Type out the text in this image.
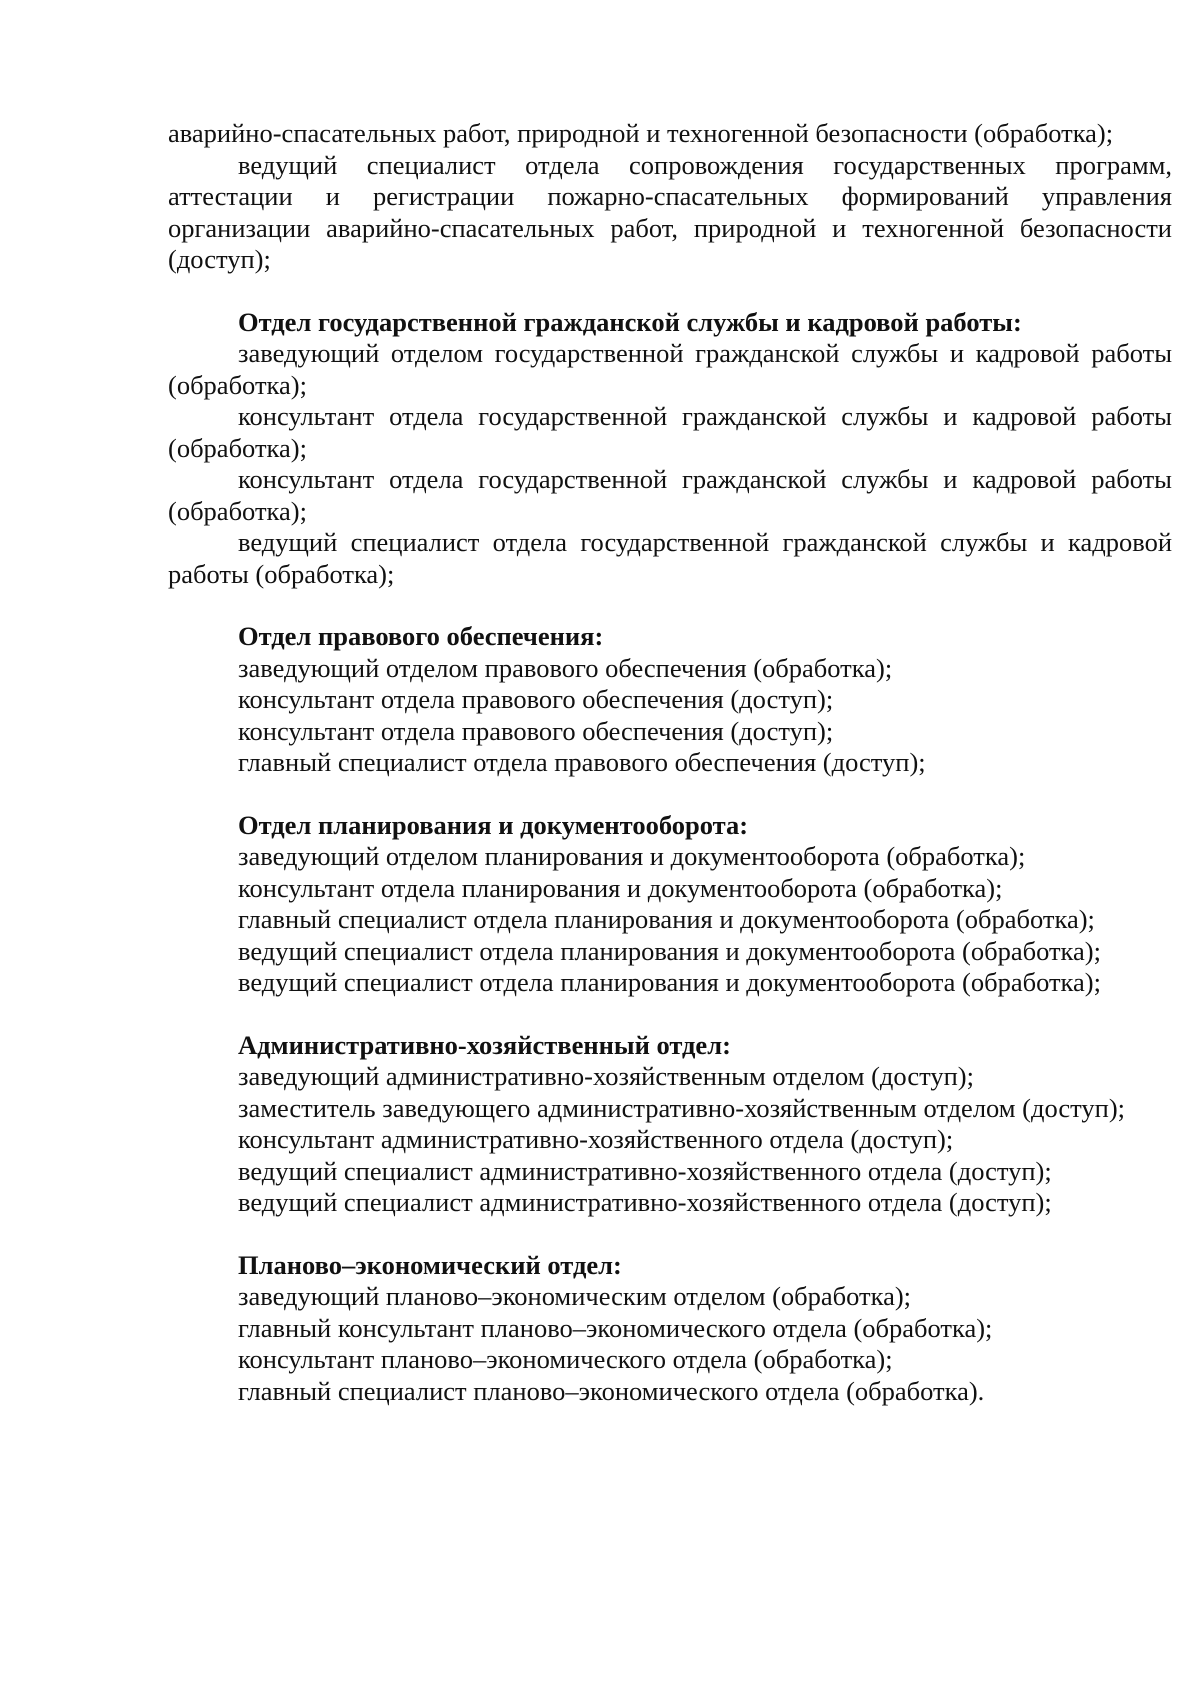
аварийно-спасательных работ, природной и техногенной безопасности (обработка);

ведущий специалист отдела сопровождения государственных программ, аттестации и регистрации пожарно-спасательных формирований управления организации аварийно-спасательных работ, природной и техногенной безопасности (доступ);

Отдел государственной гражданской службы и кадровой работы:

заведующий отделом государственной гражданской службы и кадровой работы (обработка);

консультант отдела государственной гражданской службы и кадровой работы (обработка);

консультант отдела государственной гражданской службы и кадровой работы (обработка);

ведущий специалист отдела государственной гражданской службы и кадровой работы (обработка);

Отдел правового обеспечения:

заведующий отделом правового обеспечения (обработка);

консультант отдела правового обеспечения (доступ);

консультант отдела правового обеспечения (доступ);

главный специалист отдела правового обеспечения (доступ);

Отдел планирования и документооборота:

заведующий отделом планирования и документооборота (обработка);

консультант отдела планирования и документооборота (обработка);

главный специалист отдела планирования и документооборота (обработка);

ведущий специалист отдела планирования и документооборота (обработка);

ведущий специалист отдела планирования и документооборота (обработка);

Административно-хозяйственный отдел:

заведующий административно-хозяйственным отделом (доступ);

заместитель заведующего административно-хозяйственным отделом (доступ);

консультант административно-хозяйственного отдела (доступ);

ведущий специалист административно-хозяйственного отдела (доступ);

ведущий специалист административно-хозяйственного отдела (доступ);

Планово–экономический отдел:

заведующий планово–экономическим отделом (обработка);

главный консультант планово–экономического отдела (обработка);

консультант планово–экономического отдела (обработка);

главный специалист планово–экономического отдела (обработка).
